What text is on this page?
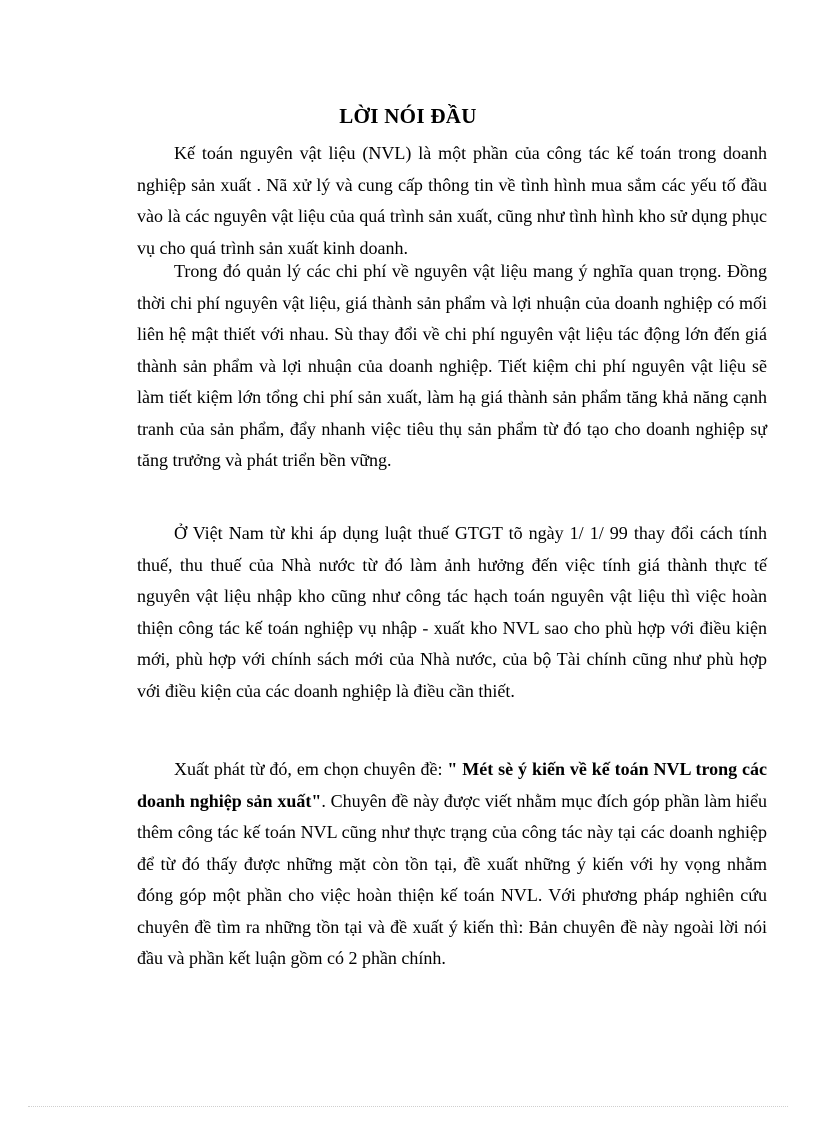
LỜI NÓI ĐẦU

Kế toán nguyên vật liệu (NVL) là một phần của công tác kế toán trong doanh nghiệp sản xuất . Nã xử lý và cung cấp thông tin về tình hình mua sắm các yếu tố đầu vào là các nguyên vật liệu của quá trình sản xuất, cũng như tình hình kho sử dụng phục vụ cho quá trình sản xuất kinh doanh.

Trong đó quản lý các chi phí về nguyên vật liệu mang ý nghĩa quan trọng. Đồng thời chi phí nguyên vật liệu, giá thành sản phẩm và lợi nhuận của doanh nghiệp có mối liên hệ mật thiết với nhau. Sù thay đổi về chi phí nguyên vật liệu tác động lớn đến giá thành sản phẩm và lợi nhuận của doanh nghiệp. Tiết kiệm chi phí nguyên vật liệu sẽ làm tiết kiệm lớn tổng chi phí sản xuất, làm hạ giá thành sản phẩm tăng khả năng cạnh tranh của sản phẩm, đẩy nhanh việc tiêu thụ sản phẩm từ đó tạo cho doanh nghiệp sự tăng trưởng và phát triển bền vững.

Ở Việt Nam từ khi áp dụng luật thuế GTGT tõ ngày 1/ 1/ 99 thay đổi cách tính thuế, thu thuế của Nhà nước từ đó làm ảnh hưởng đến việc tính giá thành thực tế nguyên vật liệu nhập kho cũng như công tác hạch toán nguyên vật liệu thì việc hoàn thiện công tác kế toán nghiệp vụ nhập - xuất kho NVL sao cho phù hợp với điều kiện mới, phù hợp với chính sách mới của Nhà nước, của bộ Tài chính cũng như phù hợp với điều kiện của các doanh nghiệp là điều cần thiết.

Xuất phát từ đó, em chọn chuyên đề: " Mét sè ý kiến về kế toán NVL trong các doanh nghiệp sản xuất". Chuyên đề này được viết nhằm mục đích góp phần làm hiểu thêm công tác kế toán NVL cũng như thực trạng của công tác này tại các doanh nghiệp để từ đó thấy được những mặt còn tồn tại, đề xuất những ý kiến với hy vọng nhằm đóng góp một phần cho việc hoàn thiện kế toán NVL. Với phương pháp nghiên cứu chuyên đề tìm ra những tồn tại và đề xuất ý kiến thì: Bản chuyên đề này ngoài lời nói đầu và phần kết luận gồm có 2 phần chính.
